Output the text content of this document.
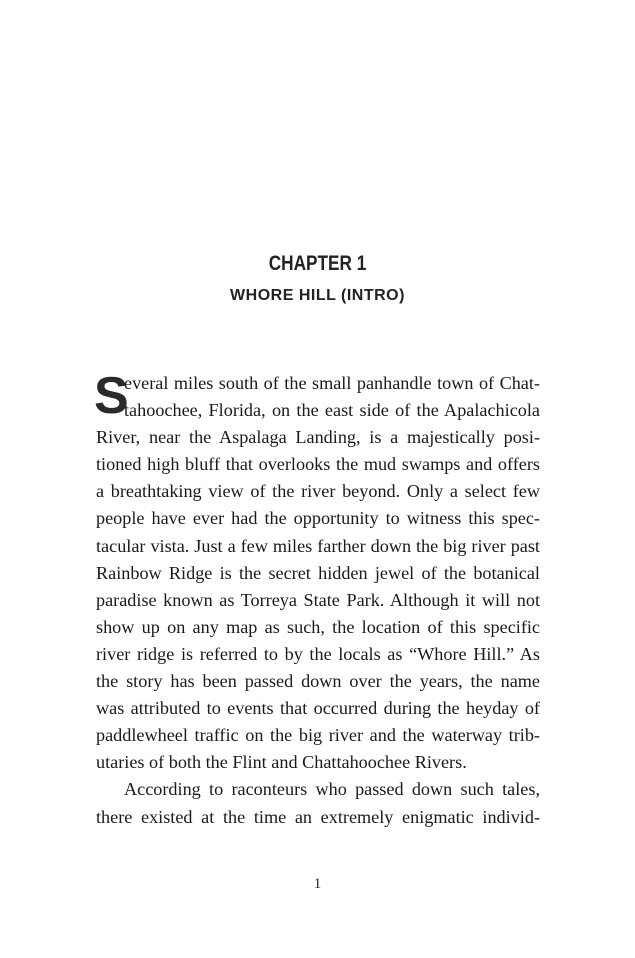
CHAPTER 1
WHORE HILL (INTRO)
S
everal miles south of the small panhandle town of Chat-
tahoochee, Florida, on the east side of the Apalachicola
River, near the Aspalaga Landing, is a majestically posi-
tioned high bluff that overlooks the mud swamps and offers
a breathtaking view of the river beyond. Only a select few
people have ever had the opportunity to witness this spec-
tacular vista. Just a few miles farther down the big river past
Rainbow Ridge is the secret hidden jewel of the botanical
paradise known as Torreya State Park. Although it will not
show up on any map as such, the location of this specific
river ridge is referred to by the locals as “Whore Hill.” As
the story has been passed down over the years, the name
was attributed to events that occurred during the heyday of
paddlewheel traffic on the big river and the waterway trib-
utaries of both the Flint and Chattahoochee Rivers.
According to raconteurs who passed down such tales,
there existed at the time an extremely enigmatic individ-
1
